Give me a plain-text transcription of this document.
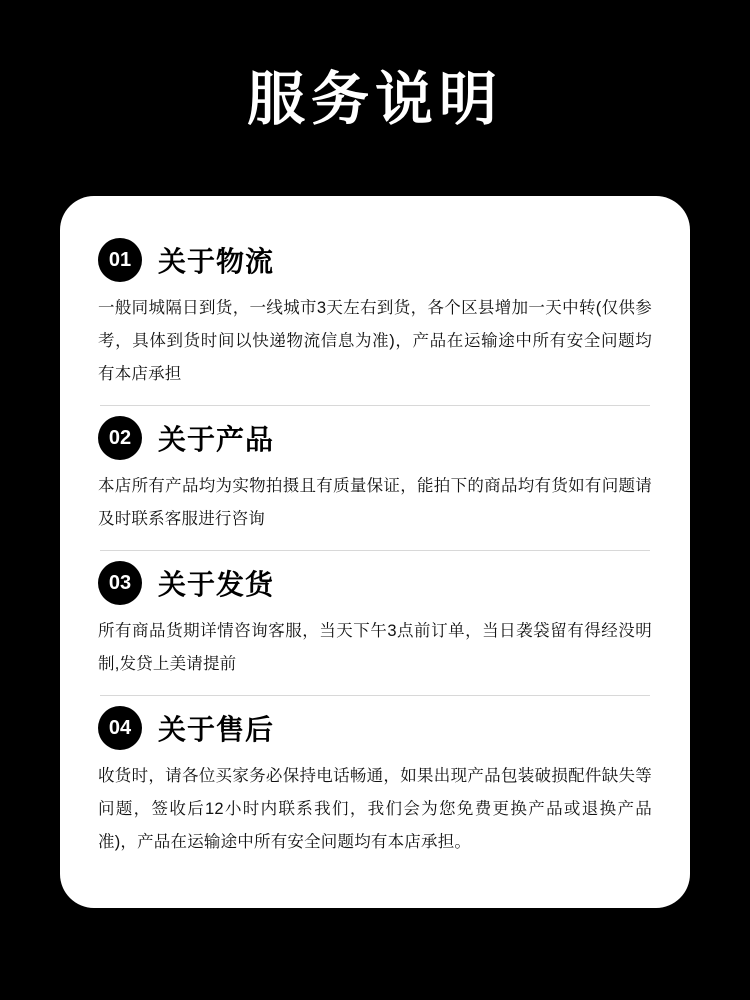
服务说明
01 关于物流
一般同城隔日到货，一线城市3天左右到货，各个区县增加一天中转(仅供参考，具体到货时间以快递物流信息为准)，产品在运输途中所有安全问题均有本店承担
02 关于产品
本店所有产品均为实物拍摄且有质量保证，能拍下的商品均有货如有问题请及时联系客服进行咨询
03 关于发货
所有商品货期详情咨询客服，当天下午3点前订单，当日袭袋留有得经没明制,发贷上美请提前
04 关于售后
收货时，请各位买家务必保持电话畅通，如果出现产品包装破损配件缺失等问题，签收后12小时内联系我们，我们会为您免费更换产品或退换产品准)，产品在运输途中所有安全问题均有本店承担。
